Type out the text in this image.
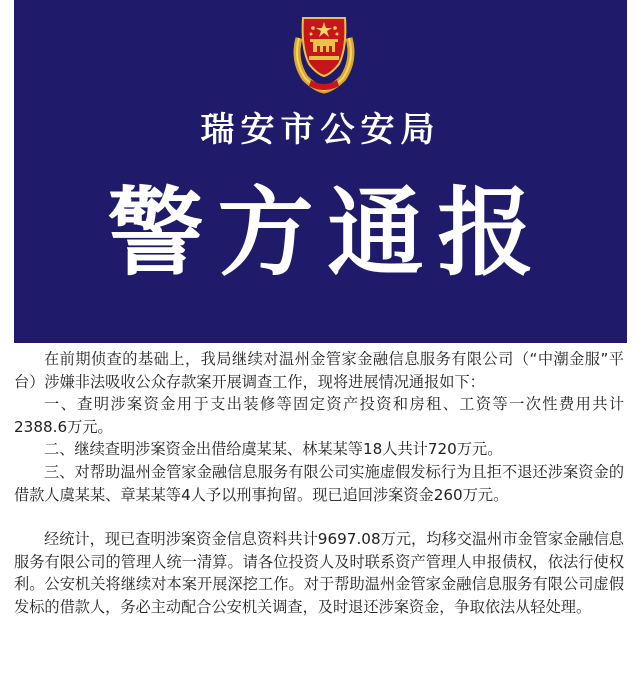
瑞安市公安局
警方通报

在前期侦查的基础上，我局继续对温州金管家金融信息服务有限公司（“中潮金服”平台）涉嫌非法吸收公众存款案开展调查工作，现将进展情况通报如下：

一、查明涉案资金用于支出装修等固定资产投资和房租、工资等一次性费用共计2388.6万元。

二、继续查明涉案资金出借给虞某某、林某某等18人共计720万元。

三、对帮助温州金管家金融信息服务有限公司实施虚假发标行为且拒不退还涉案资金的借款人虞某某、章某某等4人予以刑事拘留。现已追回涉案资金260万元。

经统计，现已查明涉案资金信息资料共计9697.08万元，均移交温州市金管家金融信息服务有限公司的管理人统一清算。请各位投资人及时联系资产管理人申报债权，依法行使权利。公安机关将继续对本案开展深挖工作。对于帮助温州金管家金融信息服务有限公司虚假发标的借款人，务必主动配合公安机关调查，及时退还涉案资金，争取依法从轻处理。
